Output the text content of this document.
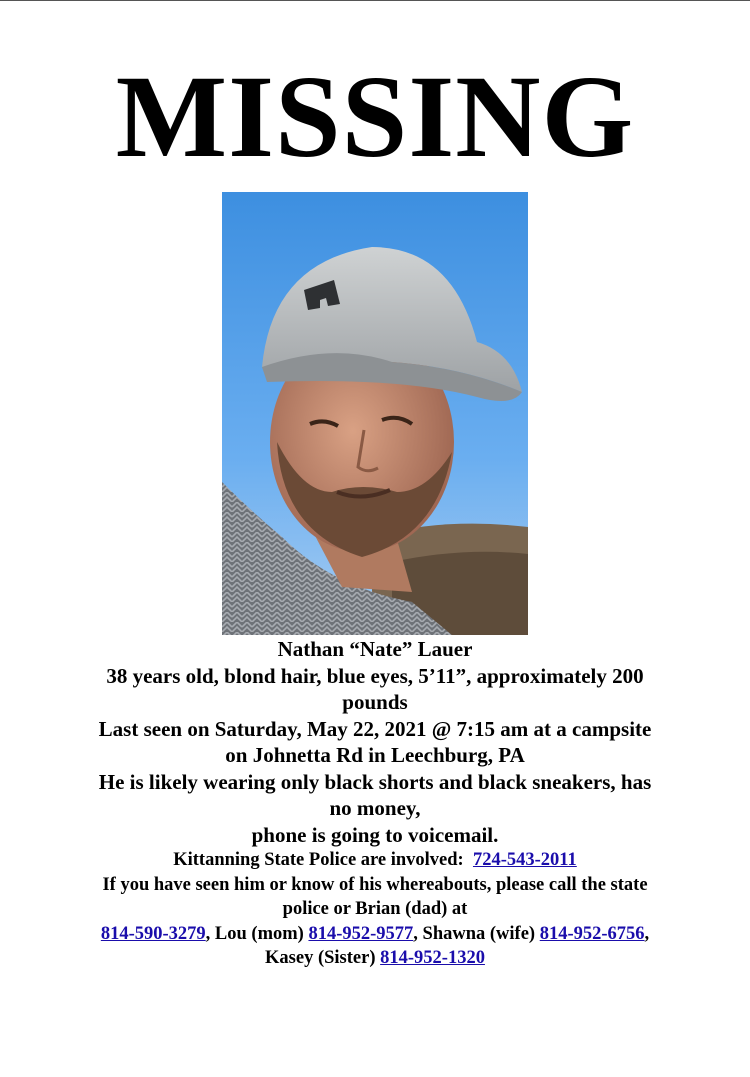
MISSING

Nathan “Nate” Lauer

38 years old, blond hair, blue eyes, 5’11”, approximately 200

pounds

Last seen on Saturday, May 22, 2021 @ 7:15 am at a campsite

on Johnetta Rd in Leechburg, PA

He is likely wearing only black shorts and black sneakers, has

no money,

phone is going to voicemail.

Kittanning State Police are involved: 724-543-2011

If you have seen him or know of his whereabouts, please call the state

police or Brian (dad) at

814-590-3279, Lou (mom) 814-952-9577, Shawna (wife) 814-952-6756,

Kasey (Sister) 814-952-1320
